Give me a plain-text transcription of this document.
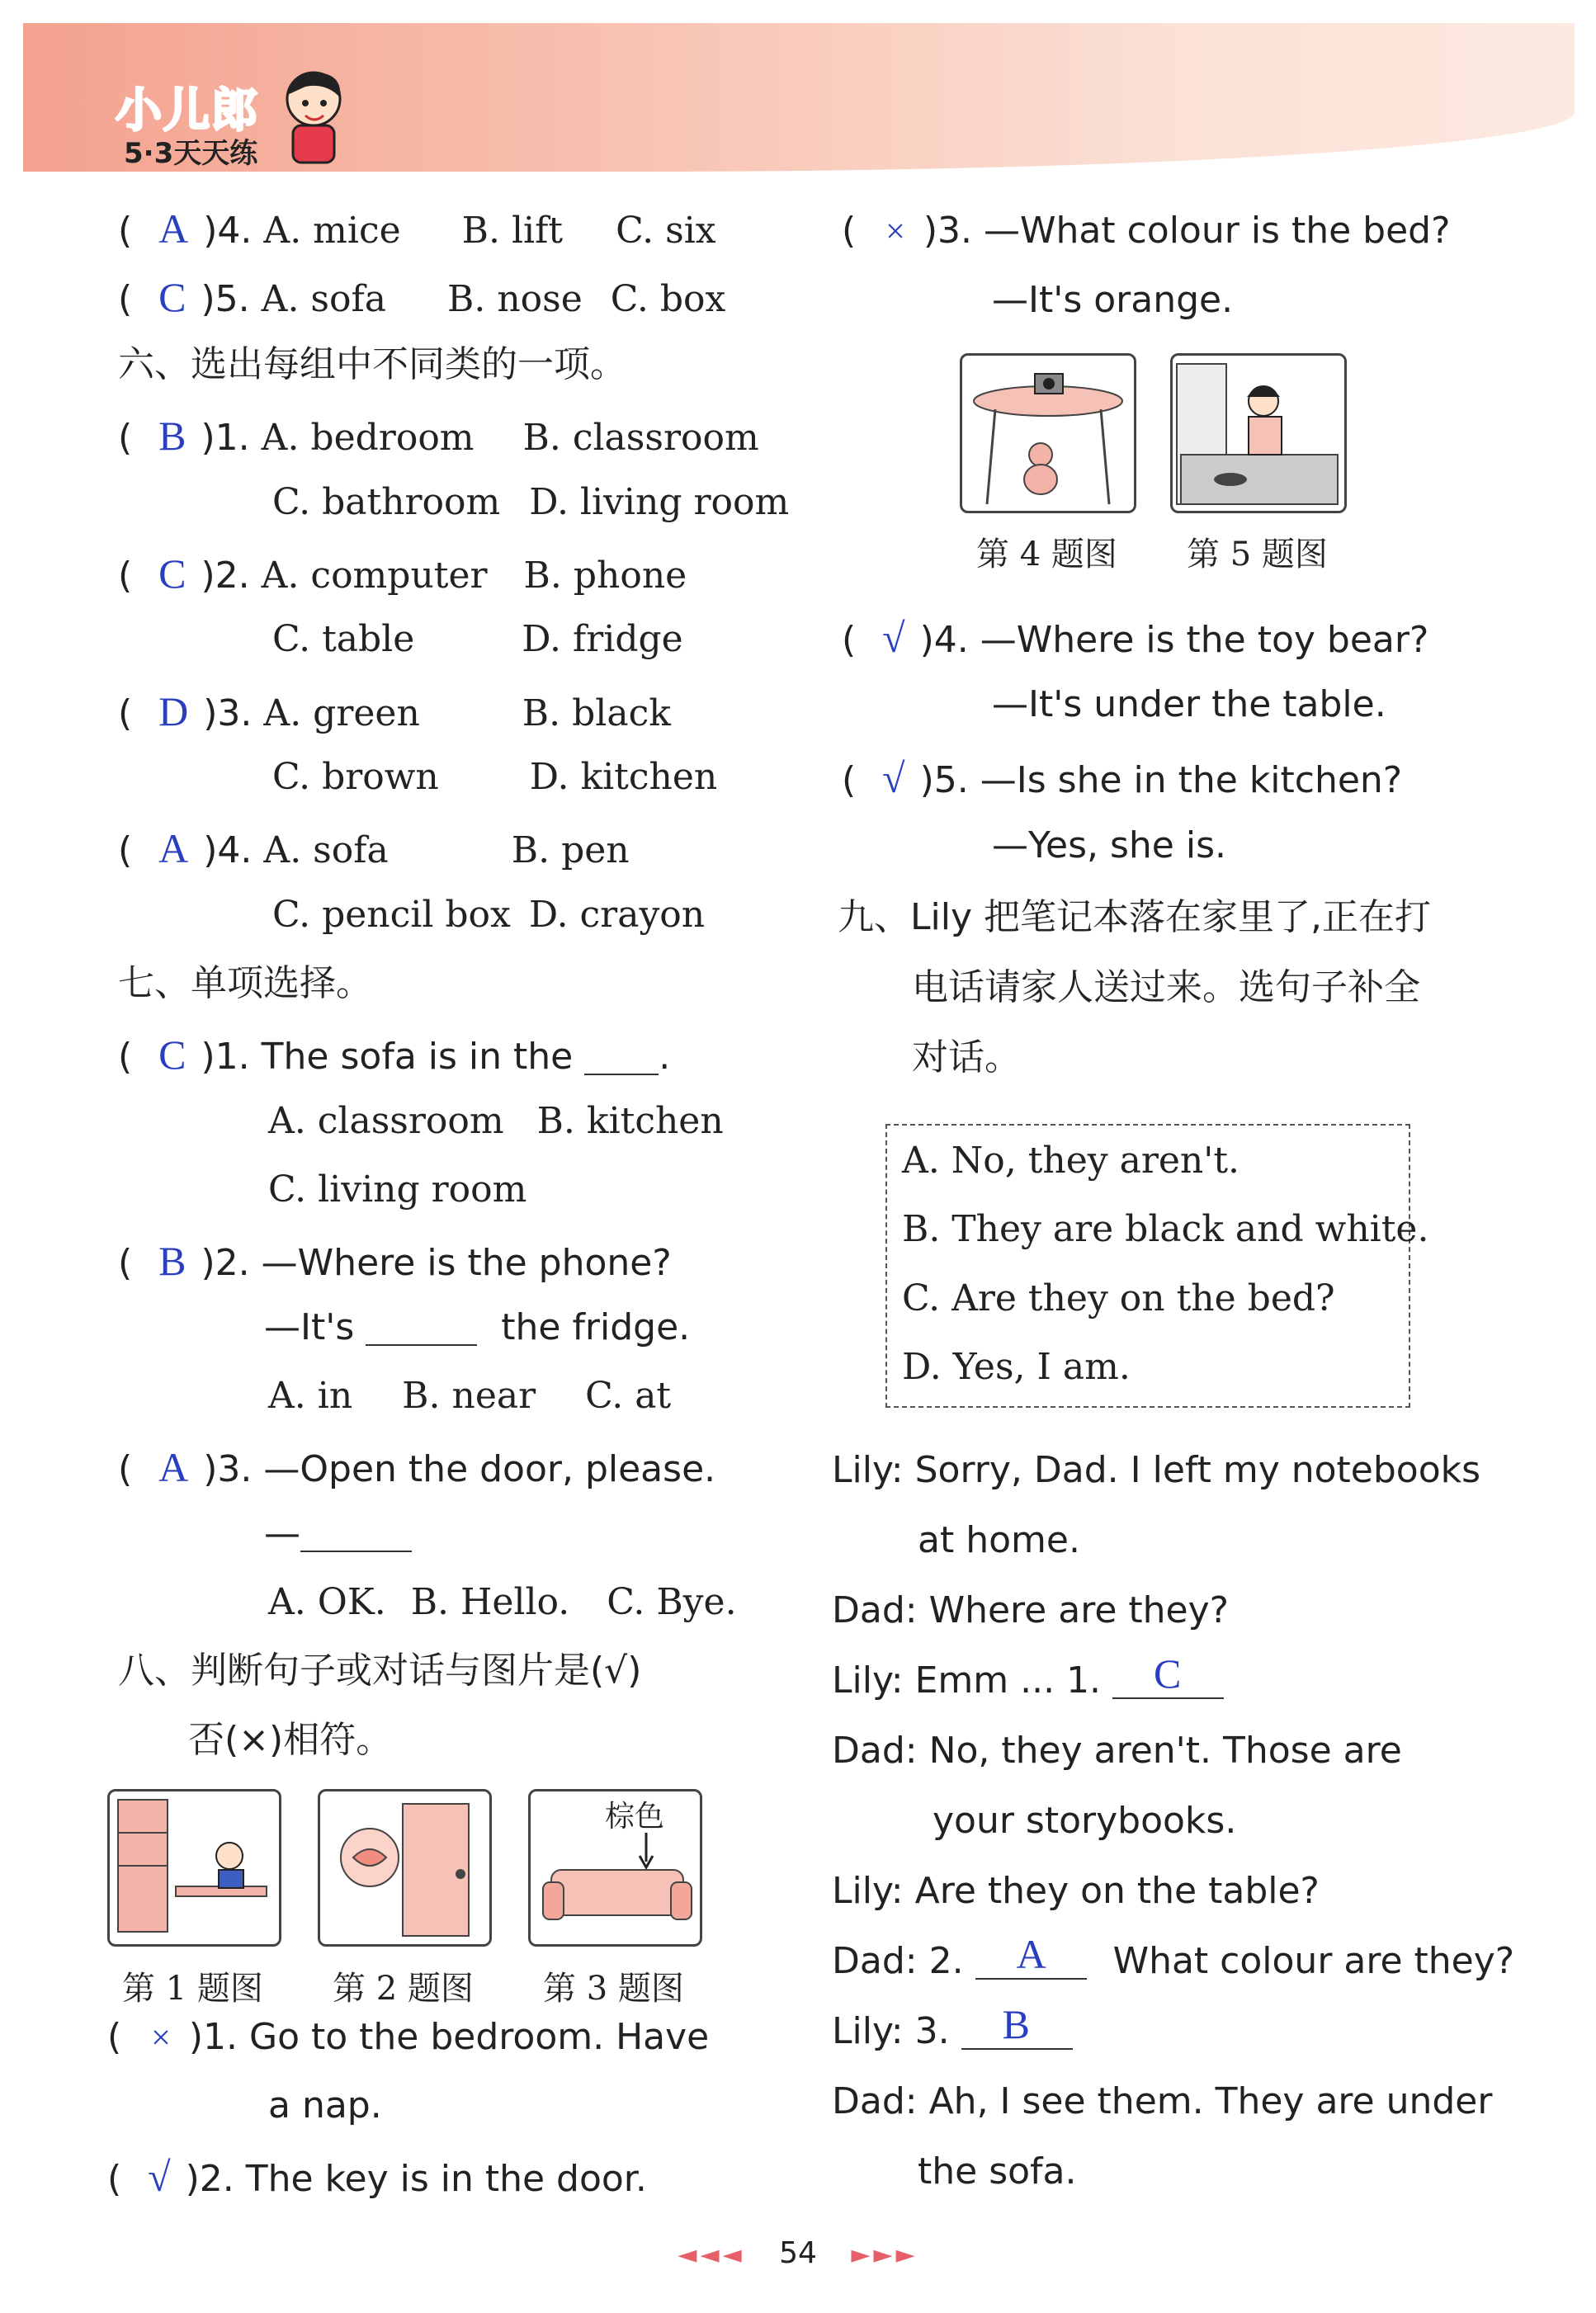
小儿郎
5·3天天练
( A )4. A. mice B. lift C. six
( C )5. A. sofa B. nose C. box
六、选出每组中不同类的一项。
( B )1. A. bedroom B. classroom
C. bathroom D. living room
( C )2. A. computer B. phone
C. table	D. fridge
( D )3. A. green	B. black
C. brown	D. kitchen
( A )4. A. sofa	B. pen
C. pencil box D. crayon
七、单项选择。
( C )1. The sofa is in the .
A. classroom B. kitchen
C. living room
( B )2. —Where is the phone?
—It's	the fridge.
A. in B. near C. at
( A )3. —Open the door, please.
—
A. OK. B. Hello. C. Bye.
八、判断句子或对话与图片是(√)
否(×)相符。
棕色
第 1 题图 第 2 题图 第 3 题图
( × )1. Go to the bedroom. Have
a nap.
( √ )2. The key is in the door.
( × )3. —What colour is the bed?
—It's orange.
第 4 题图 第 5 题图
( √ )4. —Where is the toy bear?
—It's under the table.
( √ )5. —Is she in the kitchen?
—Yes, she is.
九、Lily 把笔记本落在家里了,正在打
电话请家人送过来。选句子补全
对话。
A. No, they aren't.
B. They are black and white.
C. Are they on the bed?
D. Yes, I am.
Lily: Sorry, Dad. I left my notebooks
at home.
Dad: Where are they?
Lily: Emm ... 1. C
Dad: No, they aren't. Those are
your storybooks.
Lily: Are they on the table?
Dad: 2. A What colour are they?
Lily: 3. B
Dad: Ah, I see them. They are under
the sofa.
◄◄◄ 54 ►►►
